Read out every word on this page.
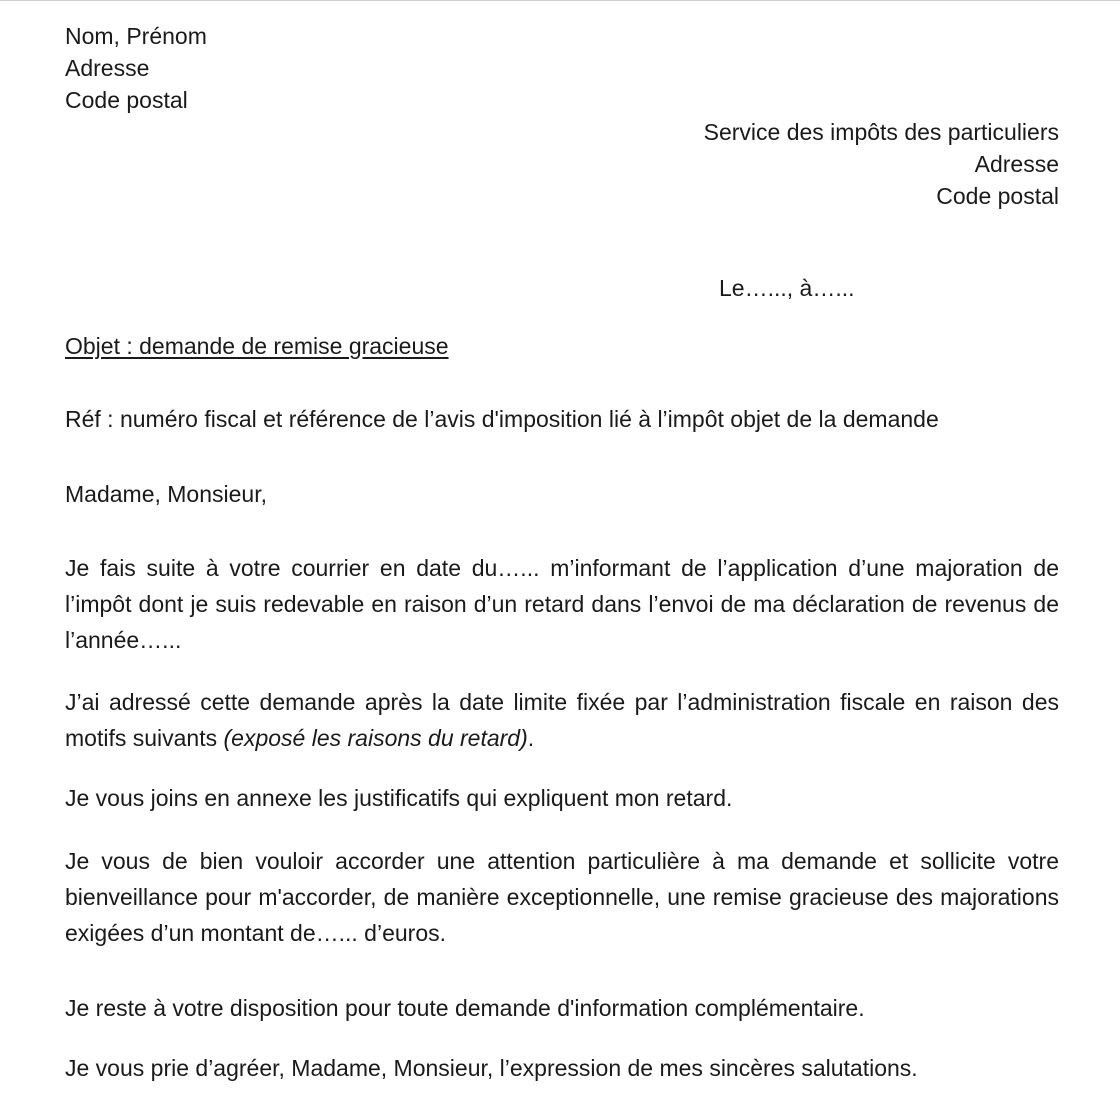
Nom, Prénom
Adresse
Code postal
Service des impôts des particuliers
Adresse
Code postal
Le…..., à…...
Objet : demande de remise gracieuse
Réf : numéro fiscal et référence de l’avis d'imposition lié à l’impôt objet de la demande
Madame, Monsieur,
Je fais suite à votre courrier en date du…... m’informant de l’application d’une majoration de l’impôt dont je suis redevable en raison d’un retard dans l’envoi de ma déclaration de revenus de l’année…...
J’ai adressé cette demande après la date limite fixée par l’administration fiscale en raison des motifs suivants (exposé les raisons du retard).
Je vous joins en annexe les justificatifs qui expliquent mon retard.
Je vous de bien vouloir accorder une attention particulière à ma demande et sollicite votre bienveillance pour m'accorder, de manière exceptionnelle, une remise gracieuse des majorations exigées d’un montant de…... d’euros.
Je reste à votre disposition pour toute demande d'information complémentaire.
Je vous prie d’agréer, Madame, Monsieur, l’expression de mes sincères salutations.
